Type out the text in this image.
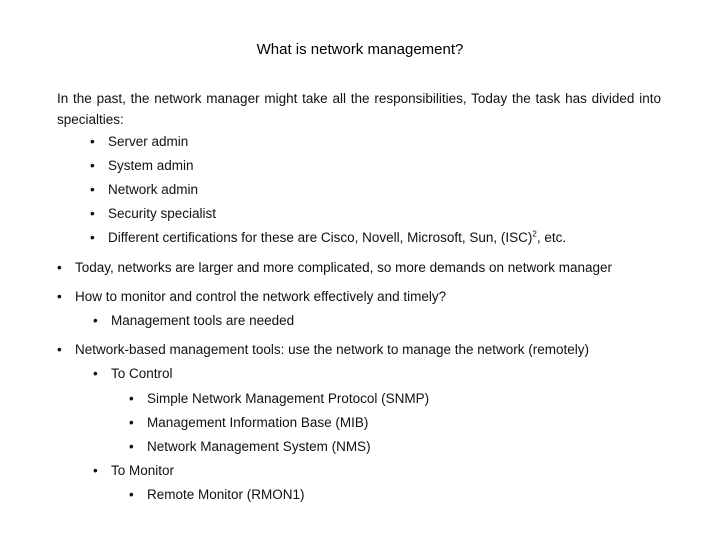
What is network management?
In the past, the network manager might take all the responsibilities, Today the task has divided into specialties:
• Server admin
• System admin
• Network admin
• Security specialist
• Different certifications for these are Cisco, Novell, Microsoft, Sun, (ISC)$^2$, etc.
• Today, networks are larger and more complicated, so more demands on network manager
• How to monitor and control the network effectively and timely?
• Management tools are needed
• Network-based management tools: use the network to manage the network (remotely)
• To Control
• Simple Network Management Protocol (SNMP)
• Management Information Base (MIB)
• Network Management System (NMS)
• To Monitor
• Remote Monitor (RMON1)
